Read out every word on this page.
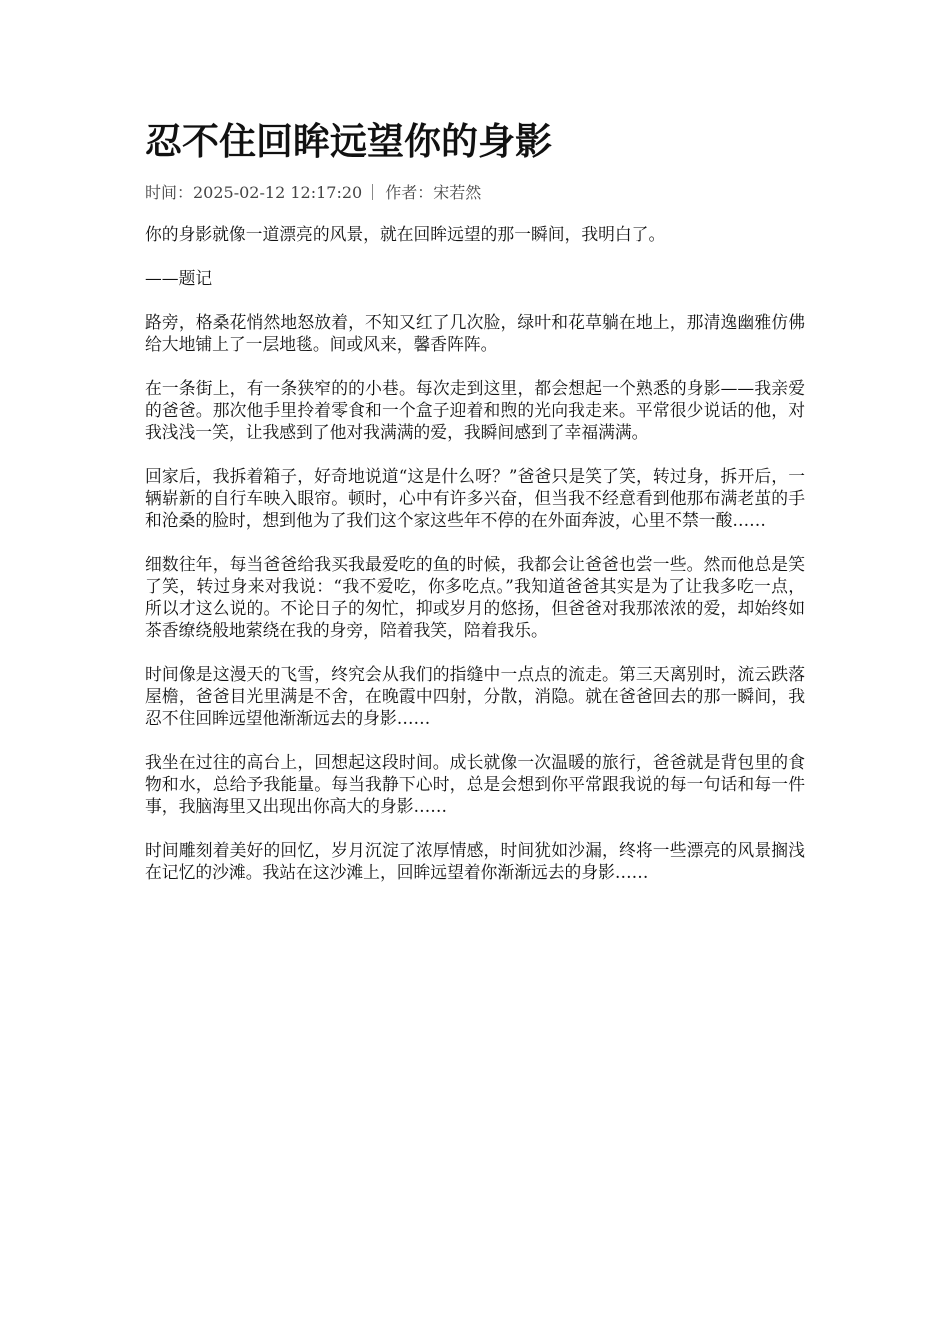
忍不住回眸远望你的身影
时间：2025-02-12 12:17:20 作者：宋若然

你的身影就像一道漂亮的风景，就在回眸远望的那一瞬间，我明白了。

——题记

路旁，格桑花悄然地怒放着，不知又红了几次脸，绿叶和花草躺在地上，那清逸幽雅仿佛给大地铺上了一层地毯。间或风来，馨香阵阵。

在一条街上，有一条狭窄的的小巷。每次走到这里，都会想起一个熟悉的身影——我亲爱的爸爸。那次他手里拎着零食和一个盒子迎着和煦的光向我走来。平常很少说话的他，对我浅浅一笑，让我感到了他对我满满的爱，我瞬间感到了幸福满满。

回家后，我拆着箱子，好奇地说道“这是什么呀？”爸爸只是笑了笑，转过身，拆开后，一辆崭新的自行车映入眼帘。顿时，心中有许多兴奋，但当我不经意看到他那布满老茧的手和沧桑的脸时，想到他为了我们这个家这些年不停的在外面奔波，心里不禁一酸……

细数往年，每当爸爸给我买我最爱吃的鱼的时候，我都会让爸爸也尝一些。然而他总是笑了笑，转过身来对我说：“我不爱吃，你多吃点。”我知道爸爸其实是为了让我多吃一点，所以才这么说的。不论日子的匆忙，抑或岁月的悠扬，但爸爸对我那浓浓的爱，却始终如茶香缭绕般地萦绕在我的身旁，陪着我笑，陪着我乐。

时间像是这漫天的飞雪，终究会从我们的指缝中一点点的流走。第三天离别时，流云跌落屋檐，爸爸目光里满是不舍，在晚霞中四射，分散，消隐。就在爸爸回去的那一瞬间，我忍不住回眸远望他渐渐远去的身影……

我坐在过往的高台上，回想起这段时间。成长就像一次温暖的旅行，爸爸就是背包里的食物和水，总给予我能量。每当我静下心时，总是会想到你平常跟我说的每一句话和每一件事，我脑海里又出现出你高大的身影……

时间雕刻着美好的回忆，岁月沉淀了浓厚情感，时间犹如沙漏，终将一些漂亮的风景搁浅在记忆的沙滩。我站在这沙滩上，回眸远望着你渐渐远去的身影……
